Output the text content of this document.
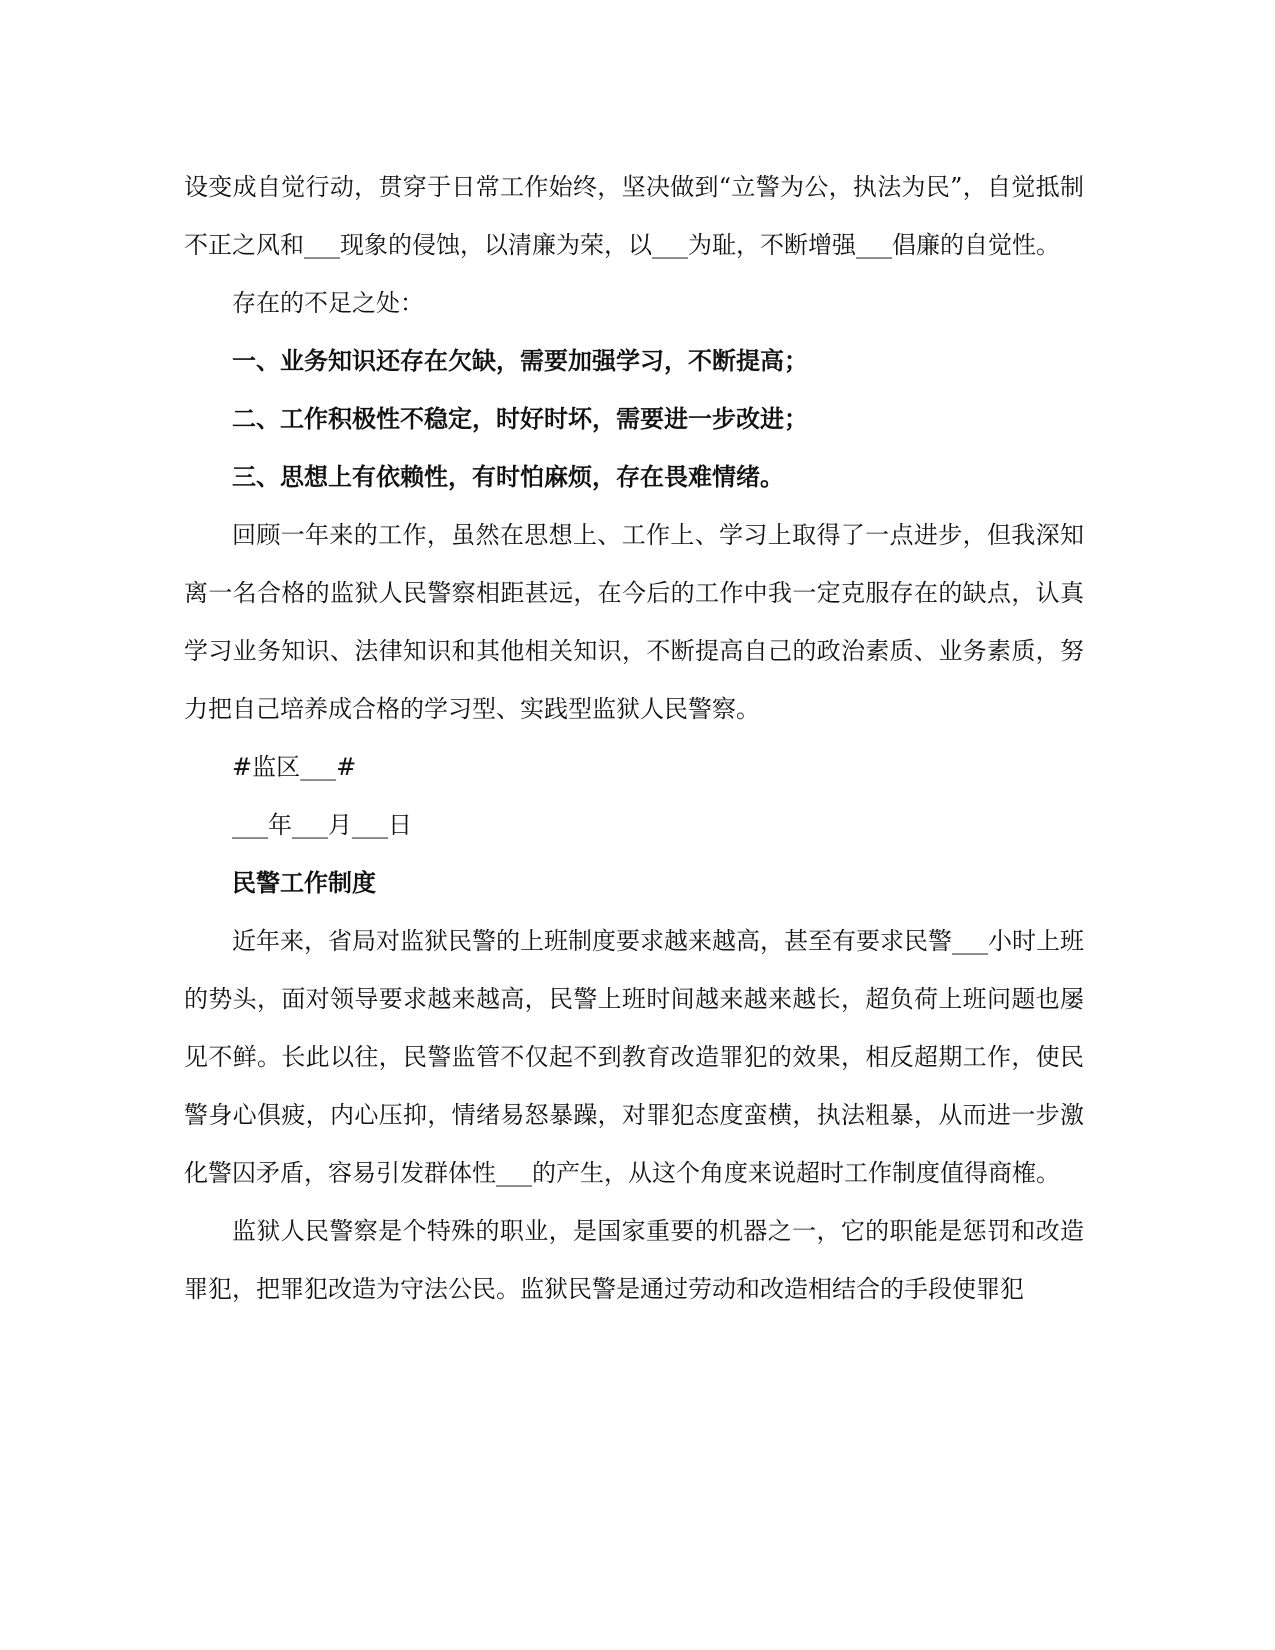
设变成自觉行动，贯穿于日常工作始终，坚决做到“立警为公，执法为民”，自觉抵制不正之风和___现象的侵蚀，以清廉为荣，以___为耻，不断增强___倡廉的自觉性。

存在的不足之处：

一、业务知识还存在欠缺，需要加强学习，不断提高；

二、工作积极性不稳定，时好时坏，需要进一步改进；

三、思想上有依赖性，有时怕麻烦，存在畏难情绪。

回顾一年来的工作，虽然在思想上、工作上、学习上取得了一点进步，但我深知离一名合格的监狱人民警察相距甚远，在今后的工作中我一定克服存在的缺点，认真学习业务知识、法律知识和其他相关知识，不断提高自己的政治素质、业务素质，努力把自己培养成合格的学习型、实践型监狱人民警察。

#监区___#

___年___月___日

民警工作制度

近年来，省局对监狱民警的上班制度要求越来越高，甚至有要求民警___小时上班的势头，面对领导要求越来越高，民警上班时间越来越来越长，超负荷上班问题也屡见不鲜。长此以往，民警监管不仅起不到教育改造罪犯的效果，相反超期工作，使民警身心俱疲，内心压抑，情绪易怒暴躁，对罪犯态度蛮横，执法粗暴，从而进一步激化警囚矛盾，容易引发群体性___的产生，从这个角度来说超时工作制度值得商榷。

监狱人民警察是个特殊的职业，是国家重要的机器之一，它的职能是惩罚和改造罪犯，把罪犯改造为守法公民。监狱民警是通过劳动和改造相结合的手段使罪犯
